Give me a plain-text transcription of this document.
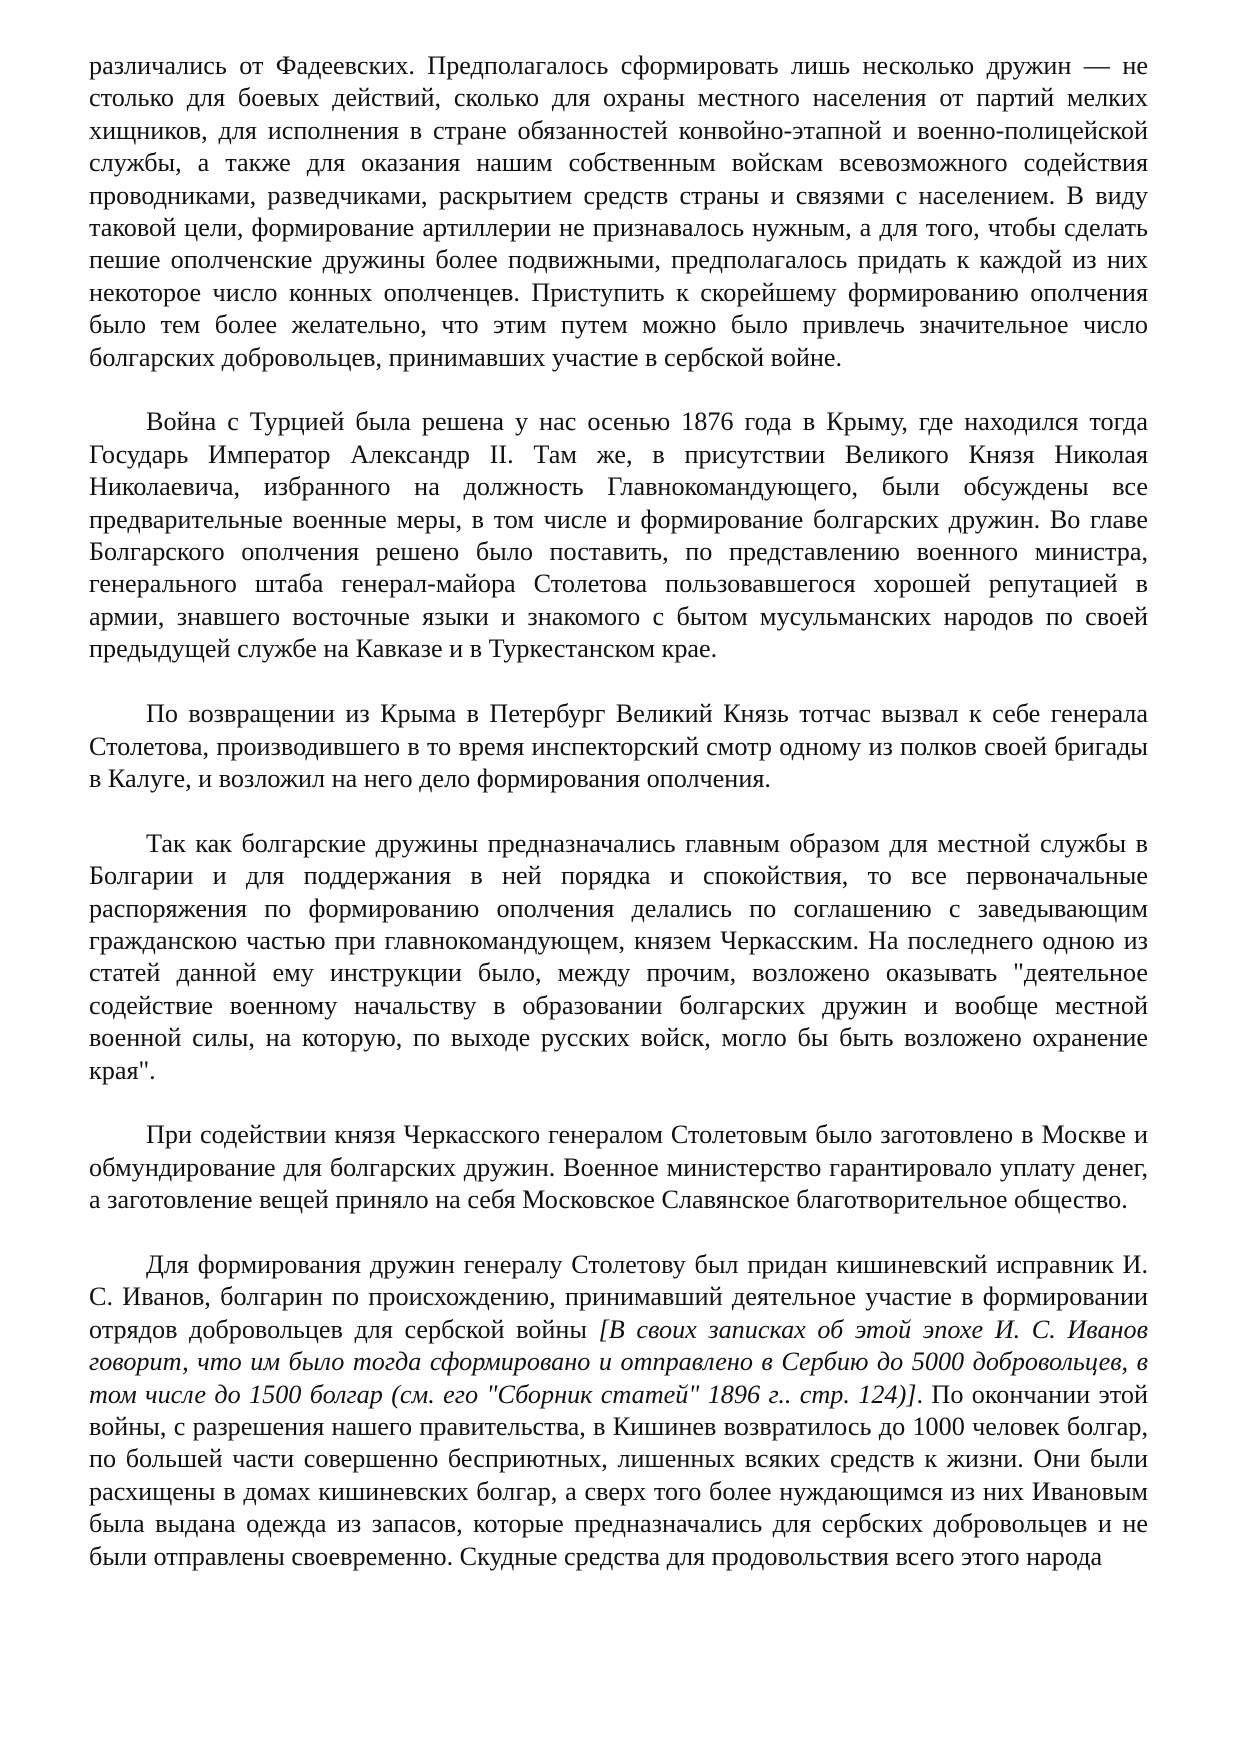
различались от Фадеевских. Предполагалось сформировать лишь несколько дружин — не столько для боевых действий, сколько для охраны местного населения от партий мелких хищников, для исполнения в стране обязанностей конвойно-этапной и военно-полицейской службы, а также для оказания нашим собственным войскам всевозможного содействия проводниками, разведчиками, раскрытием средств страны и связями с населением. В виду таковой цели, формирование артиллерии не признавалось нужным, а для того, чтобы сделать пешие ополченские дружины более подвижными, предполагалось придать к каждой из них некоторое число конных ополченцев. Приступить к скорейшему формированию ополчения было тем более желательно, что этим путем можно было привлечь значительное число болгарских добровольцев, принимавших участие в сербской войне.

Война с Турцией была решена у нас осенью 1876 года в Крыму, где находился тогда Государь Император Александр II. Там же, в присутствии Великого Князя Николая Николаевича, избранного на должность Главнокомандующего, были обсуждены все предварительные военные меры, в том числе и формирование болгарских дружин. Во главе Болгарского ополчения решено было поставить, по представлению военного министра, генерального штаба генерал-майора Столетова пользовавшегося хорошей репутацией в армии, знавшего восточные языки и знакомого с бытом мусульманских народов по своей предыдущей службе на Кавказе и в Туркестанском крае.

По возвращении из Крыма в Петербург Великий Князь тотчас вызвал к себе генерала Столетова, производившего в то время инспекторский смотр одному из полков своей бригады в Калуге, и возложил на него дело формирования ополчения.

Так как болгарские дружины предназначались главным образом для местной службы в Болгарии и для поддержания в ней порядка и спокойствия, то все первоначальные распоряжения по формированию ополчения делались по соглашению с заведывающим гражданскою частью при главнокомандующем, князем Черкасским. На последнего одною из статей данной ему инструкции было, между прочим, возложено оказывать "деятельное содействие военному начальству в образовании болгарских дружин и вообще местной военной силы, на которую, по выходе русских войск, могло бы быть возложено охранение края".

При содействии князя Черкасского генералом Столетовым было заготовлено в Москве и обмундирование для болгарских дружин. Военное министерство гарантировало уплату денег, а заготовление вещей приняло на себя Московское Славянское благотворительное общество.

Для формирования дружин генералу Столетову был придан кишиневский исправник И. С. Иванов, болгарин по происхождению, принимавший деятельное участие в формировании отрядов добровольцев для сербской войны [В своих записках об этой эпохе И. С. Иванов говорит, что им было тогда сформировано и отправлено в Сербию до 5000 добровольцев, в том числе до 1500 болгар (см. его "Сборник статей" 1896 г.. стр. 124)]. По окончании этой войны, с разрешения нашего правительства, в Кишинев возвратилось до 1000 человек болгар, по большей части совершенно бесприютных, лишенных всяких средств к жизни. Они были расхищены в домах кишиневских болгар, а сверх того более нуждающимся из них Ивановым была выдана одежда из запасов, которые предназначались для сербских добровольцев и не были отправлены своевременно. Скудные средства для продовольствия всего этого народа
